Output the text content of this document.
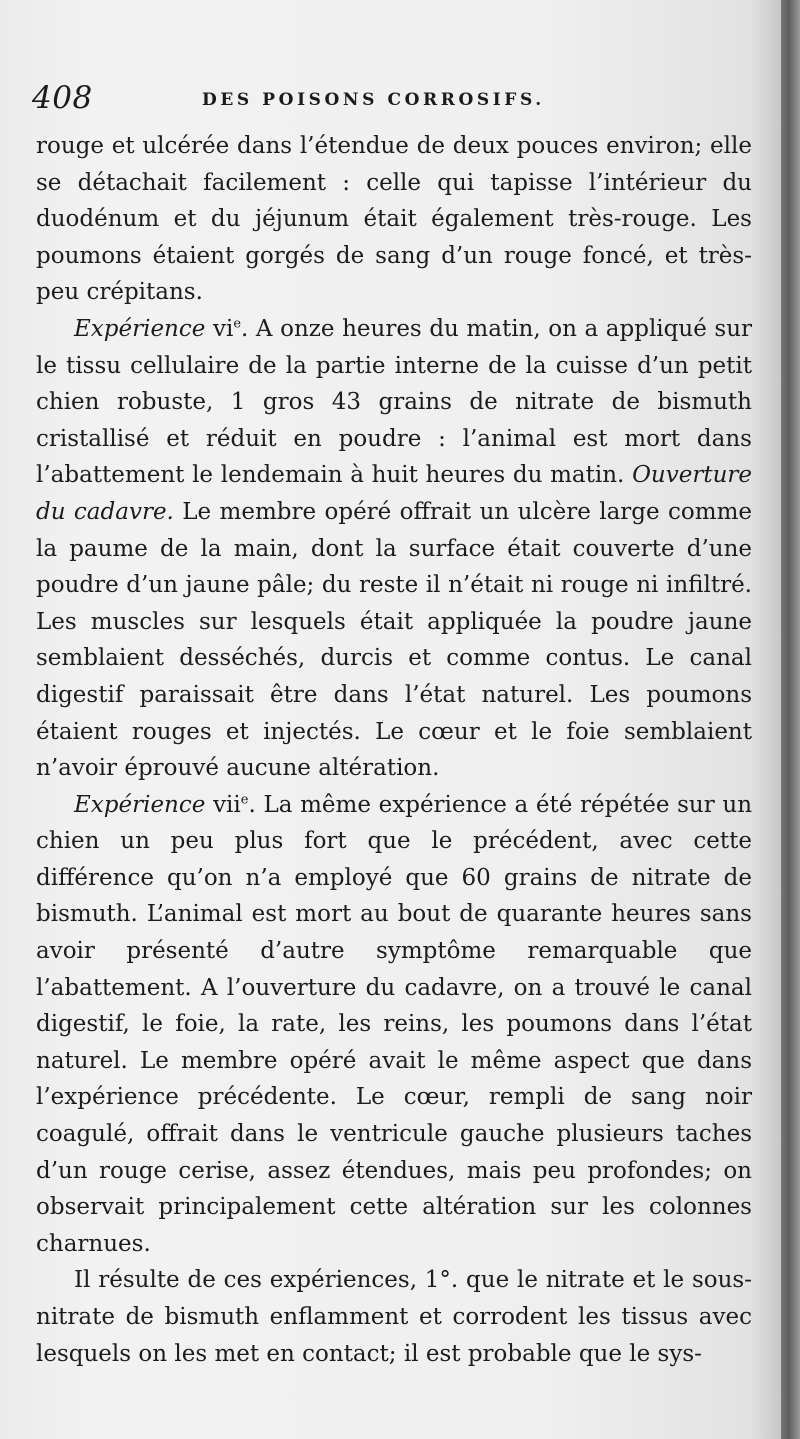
408	DES POISONS CORROSIFS.

rouge et ulcérée dans l’étendue de deux pouces environ; elle se détachait facilement : celle qui tapisse l’intérieur du duodénum et du jéjunum était également très-rouge. Les poumons étaient gorgés de sang d’un rouge foncé, et très-peu crépitans.

Expérience $vi^e$. A onze heures du matin, on a appliqué sur le tissu cellulaire de la partie interne de la cuisse d’un petit chien robuste, 1 gros 43 grains de nitrate de bismuth cristallisé et réduit en poudre : l’animal est mort dans l’abattement le lendemain à huit heures du matin. Ouverture du cadavre. Le membre opéré offrait un ulcère large comme la paume de la main, dont la surface était couverte d’une poudre d’un jaune pâle; du reste il n’était ni rouge ni infiltré. Les muscles sur lesquels était appliquée la poudre jaune semblaient desséchés, durcis et comme contus. Le canal digestif paraissait être dans l’état naturel. Les poumons étaient rouges et injectés. Le cœur et le foie semblaient n’avoir éprouvé aucune altération.

Expérience vii$^e$. La même expérience a été répétée sur un chien un peu plus fort que le précédent, avec cette différence qu’on n’a employé que 60 grains de nitrate de bismuth. L’animal est mort au bout de quarante heures sans avoir présenté d’autre symptôme remarquable que l’abattement. A l’ouverture du cadavre, on a trouvé le canal digestif, le foie, la rate, les reins, les poumons dans l’état naturel. Le membre opéré avait le même aspect que dans l’expérience précédente. Le cœur, rempli de sang noir coagulé, offrait dans le ventricule gauche plusieurs taches d’un rouge cerise, assez étendues, mais peu profondes; on observait principalement cette altération sur les colonnes charnues.

Il résulte de ces expériences, 1°. que le nitrate et le sous-nitrate de bismuth enflamment et corrodent les tissus avec lesquels on les met en contact; il est probable que le sys-
